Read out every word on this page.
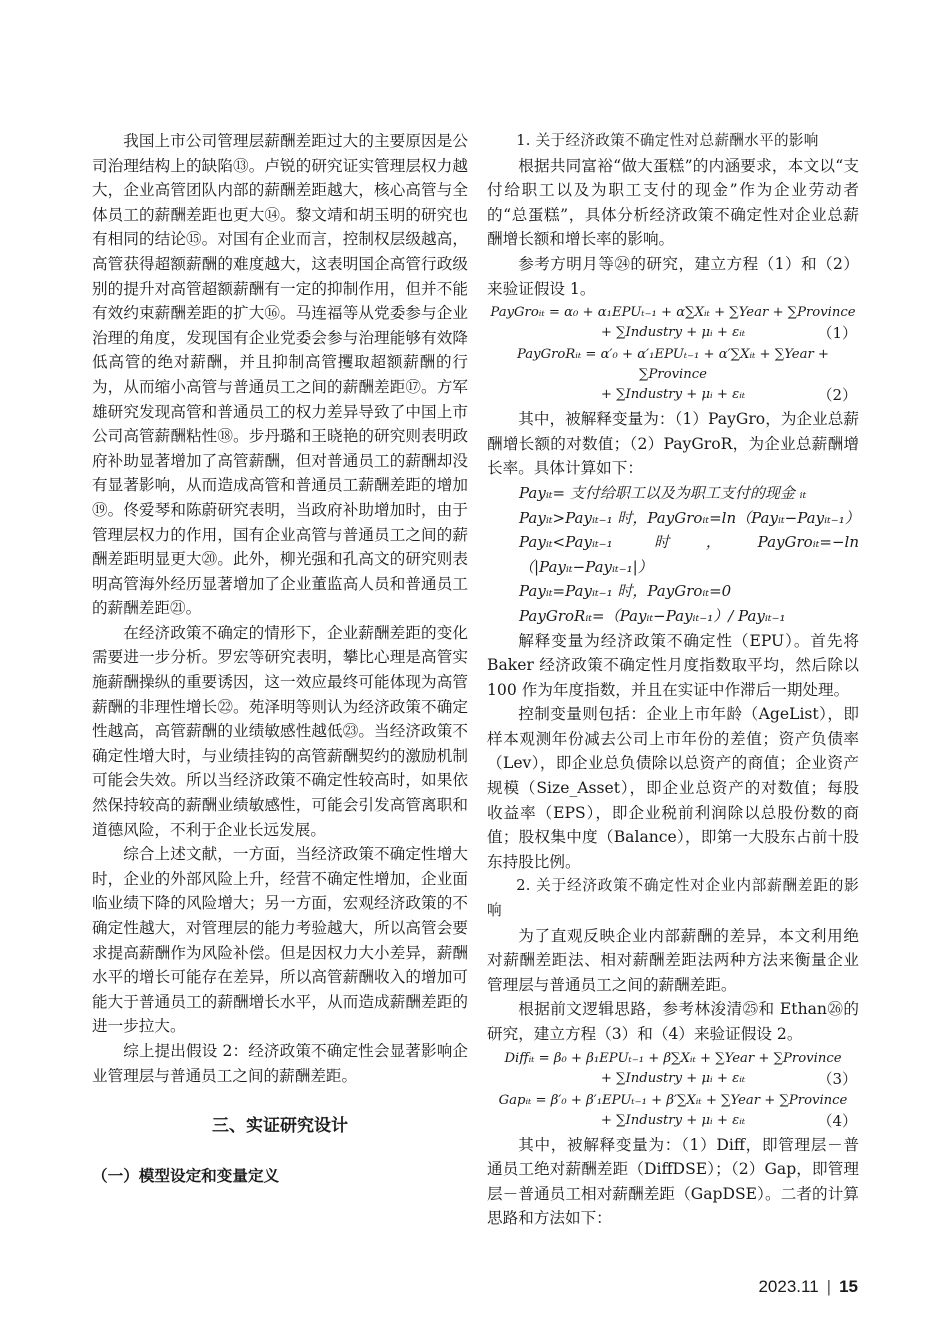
我国上市公司管理层薪酬差距过大的主要原因是公司治理结构上的缺陷⑬。卢锐的研究证实管理层权力越大，企业高管团队内部的薪酬差距越大，核心高管与全体员工的薪酬差距也更大⑭。黎文靖和胡玉明的研究也有相同的结论⑮。对国有企业而言，控制权层级越高，高管获得超额薪酬的难度越大，这表明国企高管行政级别的提升对高管超额薪酬有一定的抑制作用，但并不能有效约束薪酬差距的扩大⑯。马连福等从党委参与企业治理的角度，发现国有企业党委会参与治理能够有效降低高管的绝对薪酬，并且抑制高管攫取超额薪酬的行为，从而缩小高管与普通员工之间的薪酬差距⑰。方军雄研究发现高管和普通员工的权力差异导致了中国上市公司高管薪酬粘性⑱。步丹璐和王晓艳的研究则表明政府补助显著增加了高管薪酬，但对普通员工的薪酬却没有显著影响，从而造成高管和普通员工薪酬差距的增加⑲。佟爱琴和陈蔚研究表明，当政府补助增加时，由于管理层权力的作用，国有企业高管与普通员工之间的薪酬差距明显更大⑳。此外，柳光强和孔高文的研究则表明高管海外经历显著增加了企业董监高人员和普通员工的薪酬差距㉑。

在经济政策不确定的情形下，企业薪酬差距的变化需要进一步分析。罗宏等研究表明，攀比心理是高管实施薪酬操纵的重要诱因，这一效应最终可能体现为高管薪酬的非理性增长㉒。苑泽明等则认为经济政策不确定性越高，高管薪酬的业绩敏感性越低㉓。当经济政策不确定性增大时，与业绩挂钩的高管薪酬契约的激励机制可能会失效。所以当经济政策不确定性较高时，如果依然保持较高的薪酬业绩敏感性，可能会引发高管离职和道德风险，不利于企业长远发展。

综合上述文献，一方面，当经济政策不确定性增大时，企业的外部风险上升，经营不确定性增加，企业面临业绩下降的风险增大；另一方面，宏观经济政策的不确定性越大，对管理层的能力考验越大，所以高管会要求提高薪酬作为风险补偿。但是因权力大小差异，薪酬水平的增长可能存在差异，所以高管薪酬收入的增加可能大于普通员工的薪酬增长水平，从而造成薪酬差距的进一步拉大。

综上提出假设 2：经济政策不确定性会显著影响企业管理层与普通员工之间的薪酬差距。

三、实证研究设计
（一）模型设定和变量定义

1. 关于经济政策不确定性对总薪酬水平的影响

根据共同富裕“做大蛋糕”的内涵要求，本文以“支付给职工以及为职工支付的现金”作为企业劳动者的“总蛋糕”，具体分析经济政策不确定性对企业总薪酬增长额和增长率的影响。

参考方明月等㉔的研究，建立方程（1）和（2）来验证假设 1。

PayGroᵢₜ = α₀ + α₁EPUₜ₋₁ + α∑Xᵢₜ + ∑Year + ∑Province
+ ∑Industry + μᵢ + εᵢₜ	（1）
PayGroRᵢₜ = α′₀ + α′₁EPUₜ₋₁ + α′∑Xᵢₜ + ∑Year + ∑Province
+ ∑Industry + μᵢ + εᵢₜ	（2）

其中，被解释变量为：（1）PayGro，为企业总薪酬增长额的对数值；（2）PayGroR，为企业总薪酬增长率。具体计算如下：

Payᵢₜ= 支付给职工以及为职工支付的现金 ᵢₜ
Payᵢₜ>Payᵢₜ₋₁ 时，PayGroᵢₜ=ln（Payᵢₜ−Payᵢₜ₋₁）
Payᵢₜ<Payᵢₜ₋₁ 时，PayGroᵢₜ=−ln（|Payᵢₜ−Payᵢₜ₋₁|）
Payᵢₜ=Payᵢₜ₋₁ 时，PayGroᵢₜ=0
PayGroRᵢₜ=（Payᵢₜ−Payᵢₜ₋₁）/ Payᵢₜ₋₁

解释变量为经济政策不确定性（EPU）。首先将 Baker 经济政策不确定性月度指数取平均，然后除以 100 作为年度指数，并且在实证中作滞后一期处理。

控制变量则包括：企业上市年龄（AgeList），即样本观测年份减去公司上市年份的差值；资产负债率（Lev），即企业总负债除以总资产的商值；企业资产规模（Size_Asset），即企业总资产的对数值；每股收益率（EPS），即企业税前利润除以总股份数的商值；股权集中度（Balance），即第一大股东占前十股东持股比例。

2. 关于经济政策不确定性对企业内部薪酬差距的影响

为了直观反映企业内部薪酬的差异，本文利用绝对薪酬差距法、相对薪酬差距法两种方法来衡量企业管理层与普通员工之间的薪酬差距。

根据前文逻辑思路，参考林浚清㉕和 Ethan㉖的研究，建立方程（3）和（4）来验证假设 2。

Diffᵢₜ = β₀ + β₁EPUₜ₋₁ + β∑Xᵢₜ + ∑Year + ∑Province
+ ∑Industry + μᵢ + εᵢₜ	（3）
Gapᵢₜ = β′₀ + β′₁EPUₜ₋₁ + β′∑Xᵢₜ + ∑Year + ∑Province
+ ∑Industry + μᵢ + εᵢₜ	（4）

其中，被解释变量为：（1）Diff，即管理层－普通员工绝对薪酬差距（DiffDSE）；（2）Gap，即管理层－普通员工相对薪酬差距（GapDSE）。二者的计算思路和方法如下：

2023.11 | 15
